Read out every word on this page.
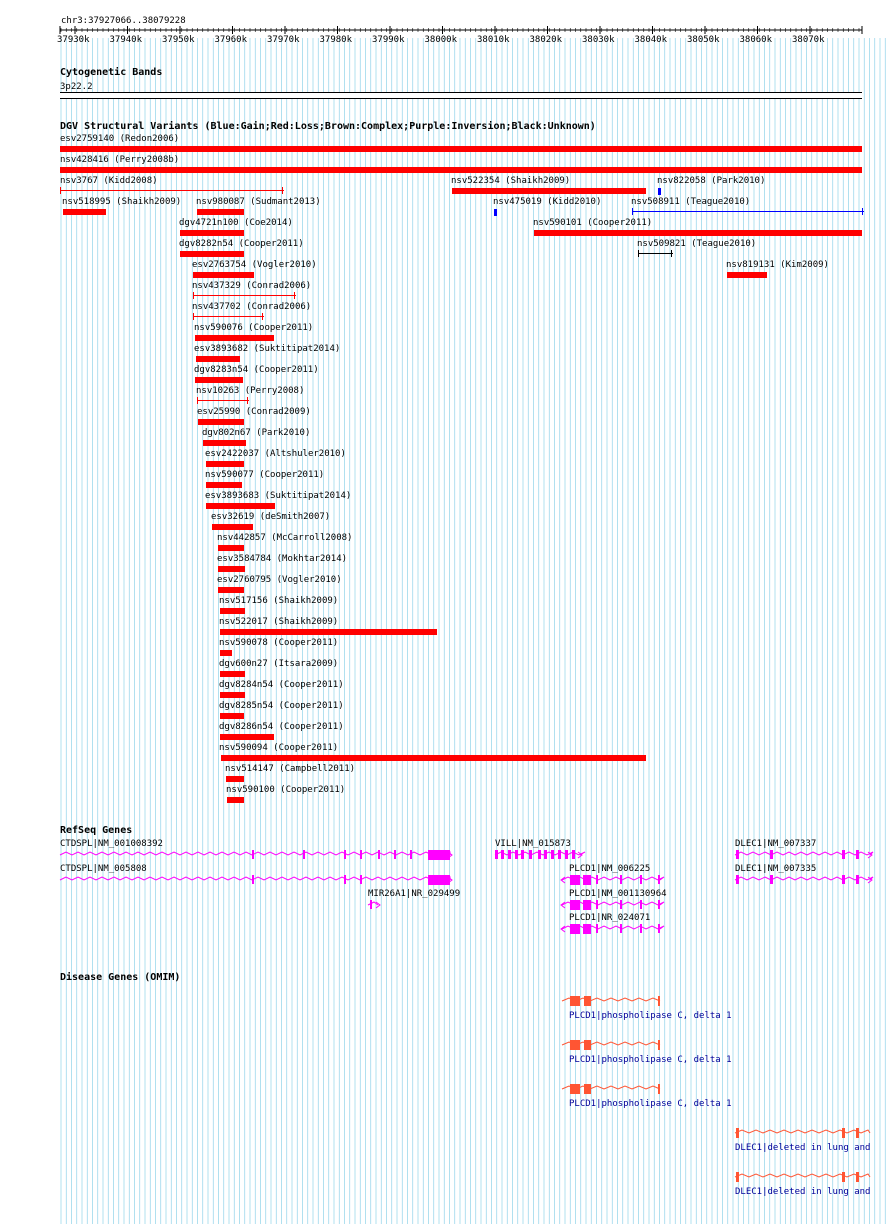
chr3:37927066..38079228
37930k 37940k 37950k 37960k 37970k 37980k 37990k 38000k 38010k 38020k 38030k 38040k 38050k 38060k 38070k
Cytogenetic Bands
3p22.2
DGV Structural Variants (Blue:Gain;Red:Loss;Brown:Complex;Purple:Inversion;Black:Unknown)
esv2759140 (Redon2006)
nsv428416 (Perry2008b)
nsv3767 (Kidd2008)	nsv522354 (Shaikh2009)	nsv822058 (Park2010)
nsv518995 (Shaikh2009) nsv980087 (Sudmant2013)	nsv475019 (Kidd2010)	nsv508911 (Teague2010)
dgv4721n100 (Coe2014)	nsv590101 (Cooper2011)
dgv8282n54 (Cooper2011)	nsv509821 (Teague2010)
esv2763754 (Vogler2010)	nsv819131 (Kim2009)
nsv437329 (Conrad2006)
nsv437702 (Conrad2006)
nsv590076 (Cooper2011)
esv3893682 (Suktitipat2014)
dgv8283n54 (Cooper2011)
nsv10263 (Perry2008)
esv25990 (Conrad2009)
dgv802n67 (Park2010)
esv2422037 (Altshuler2010)
nsv590077 (Cooper2011)
esv3893683 (Suktitipat2014)
esv32619 (deSmith2007)
nsv442857 (McCarroll2008)
esv3584784 (Mokhtar2014)
esv2760795 (Vogler2010)
nsv517156 (Shaikh2009)
nsv522017 (Shaikh2009)
nsv590078 (Cooper2011)
dgv600n27 (Itsara2009)
dgv8284n54 (Cooper2011)
dgv8285n54 (Cooper2011)
dgv8286n54 (Cooper2011)
nsv590094 (Cooper2011)
nsv514147 (Campbell2011)
nsv590100 (Cooper2011)
RefSeq Genes
CTDSPL|NM_001008392	VILL|NM_015873	DLEC1|NM_007337
CTDSPL|NM_005808	PLCD1|NM_006225	DLEC1|NM_007335
MIR26A1|NR_029499	PLCD1|NM_001130964
PLCD1|NR_024071
Disease Genes (OMIM)
PLCD1|phospholipase C, delta 1
PLCD1|phospholipase C, delta 1
PLCD1|phospholipase C, delta 1
DLEC1|deleted in lung and
DLEC1|deleted in lung and
